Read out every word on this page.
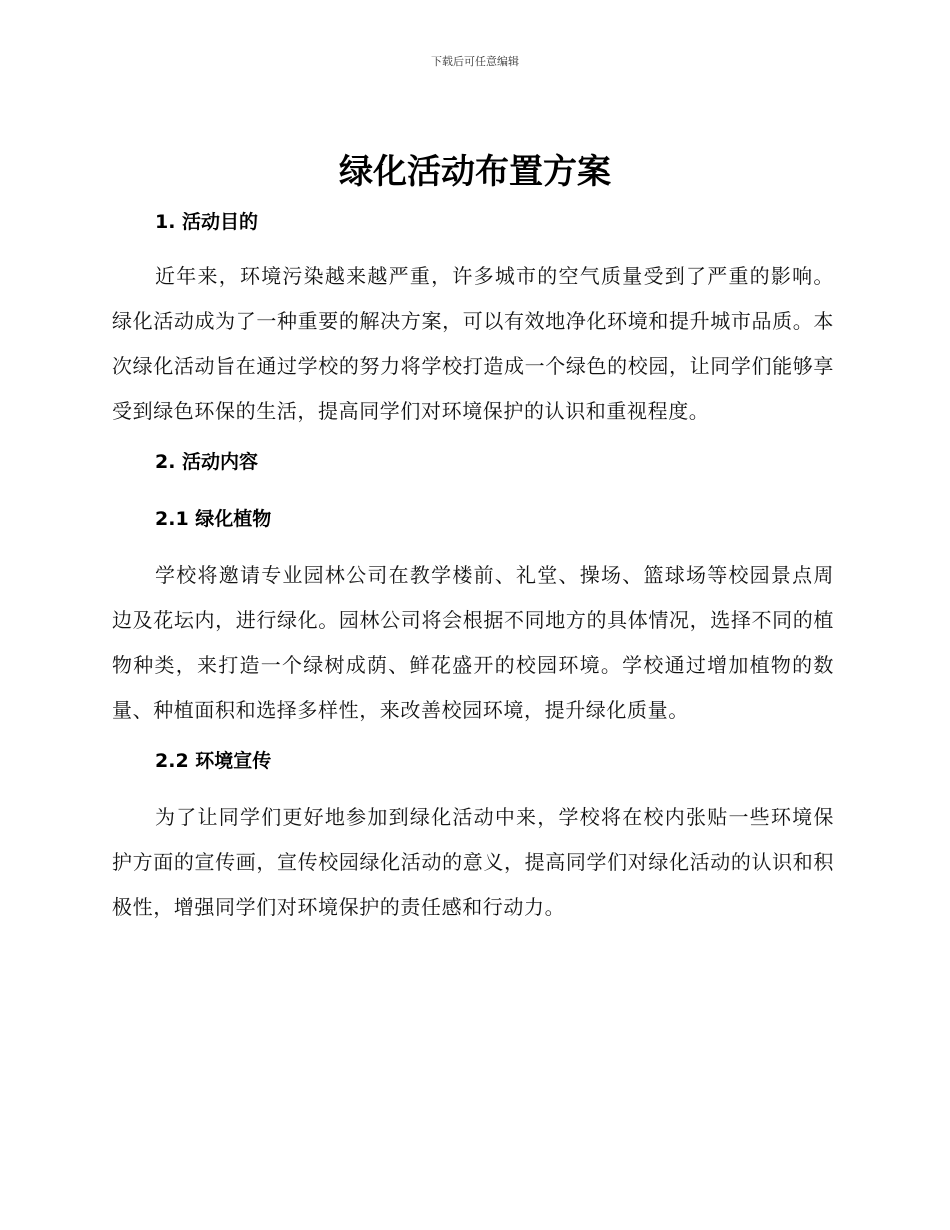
下载后可任意编辑
绿化活动布置方案
1. 活动目的

近年来，环境污染越来越严重，许多城市的空气质量受到了严重的影响。绿化活动成为了一种重要的解决方案，可以有效地净化环境和提升城市品质。本次绿化活动旨在通过学校的努力将学校打造成一个绿色的校园，让同学们能够享受到绿色环保的生活，提高同学们对环境保护的认识和重视程度。

2. 活动内容
2.1 绿化植物

学校将邀请专业园林公司在教学楼前、礼堂、操场、篮球场等校园景点周边及花坛内，进行绿化。园林公司将会根据不同地方的具体情况，选择不同的植物种类，来打造一个绿树成荫、鲜花盛开的校园环境。学校通过增加植物的数量、种植面积和选择多样性，来改善校园环境，提升绿化质量。

2.2 环境宣传

为了让同学们更好地参加到绿化活动中来，学校将在校内张贴一些环境保护方面的宣传画，宣传校园绿化活动的意义，提高同学们对绿化活动的认识和积极性，增强同学们对环境保护的责任感和行动力。
